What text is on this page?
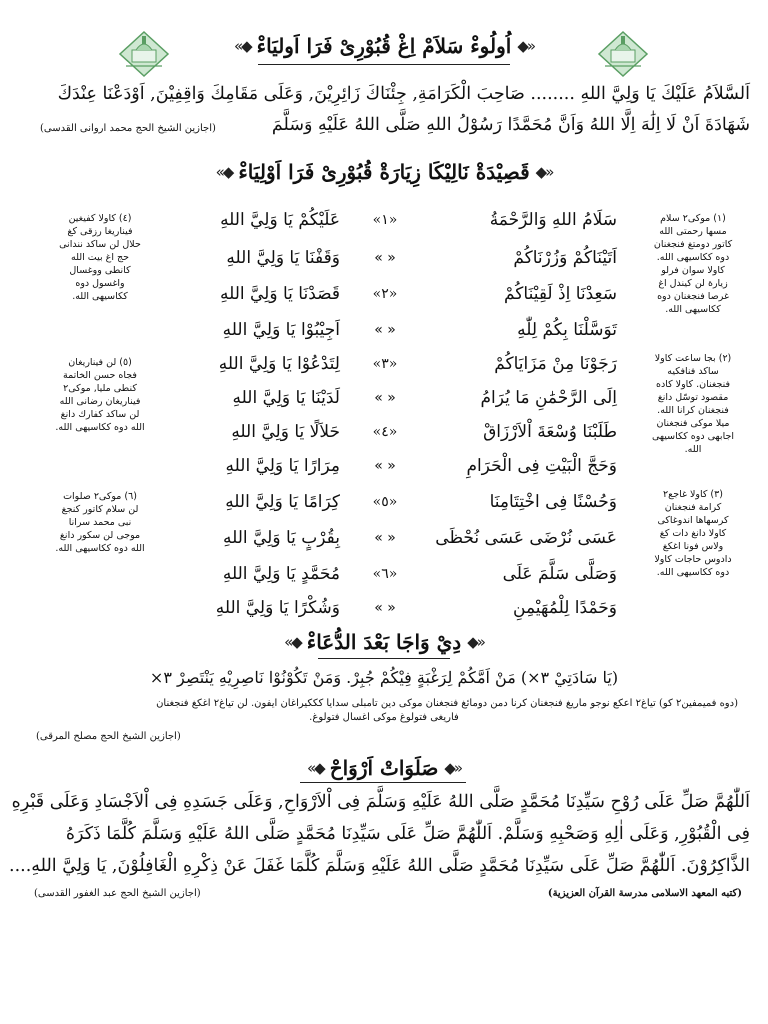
«◆ اُولُوءْ سَلاَمْ اِغْ قُبُوْرِىْ فَرَا اَوليَاءْ ◆»
اَلسَّلاَمُ عَلَيْكَ يَا وَلِيَّ اللهِ ........ صَاحِبَ الْكَرَامَةِ, جِئْنَاكَ زَائِرِيْنَ, وَعَلَى مَقَامِكَ وَاقِفِيْنَ, اَوْدَعْنَا عِنْدَكَ
شَهَادَةَ اَنْ لَا اِلَٰهَ اِلَّا اللهُ وَاَنَّ مُحَمَّدًا رَسُوْلُ اللهِ صَلَّى اللهُ عَلَيْهِ وَسَلَّمَ
(اجازين الشيخ الحج محمد اروانى القدسى)
«◆ قَصِيْدَةْ نَالِيْكَا زِيَارَةْ قُبُوْرِىْ فَرَا اَوْلِيَاءْ ◆»
سَلَامُ اللهِ وَالرَّحْمَةُ
«١»
عَلَيْكُمْ يَا وَلِيَّ اللهِ
اَتَيْنَاكُمْ وَزُرْنَاكُمْ
« »
وَقَفْنَا يَا وَلِيَّ اللهِ
سَعِدْنَا اِذْ لَقِيْنَاكُمْ
«٢»
قَصَدْنَا يَا وَلِيَّ اللهِ
تَوَسَّلْنَا بِكُمْ لِلّٰهِ
« »
اَجِيْبُوْا يَا وَلِيَّ اللهِ
رَجَوْنَا مِنْ مَزَايَاكُمْ
«٣»
لِتَدْعُوْا يَا وَلِيَّ اللهِ
اِلَى الرَّحْمَٰنِ مَا يُرَامُ
« »
لَدَيْنَا يَا وَلِيَّ اللهِ
طَلَبْنَا وُسْعَةَ اْلاَرْزَاقْ
«٤»
حَلاَلًا يَا وَلِيَّ اللهِ
وَحَجَّ الْبَيْتِ فِى الْحَرَامِ
« »
مِرَارًا يَا وَلِيَّ اللهِ
وَحُسْنًا فِى اخْتِتَامِنَا
«٥»
كِرَامًا يَا وَلِيَّ اللهِ
عَسَى نُرْضَى عَسَى نُحْظَى
« »
بِقُرْبٍ يَا وَلِيَّ اللهِ
وَصَلَّى سَلَّمَ عَلَى
«٦»
مُحَمَّدٍ يَا وَلِيَّ اللهِ
وَحَمْدًا لِلْمُهَيْمِنِ
« »
وَشُكْرًا يَا وَلِيَّ اللهِ
(١) موكى٢ سلام
مسها رحمتى الله
كاتور دومتغ فنجغنان
دوه ككاسيهى الله.
كاولا سوان فرلو
زيارة لن كيندل اغ
غرصا فنجغنان دوه
ككاسيهى الله.
(٢) بجا ساعت كاولا
ساكد فنافكيه
فنجغنان. كاولا كاده
مقصود توسّل دانغ
فنجغنان كرانا الله.
ميلا موكى فنجغنان
اجابهى دوه ككاسيهى
الله.
(٣) كاولا غاجع٢
كرامة فنجغنان
كرسهاها اندوغاكى
كاولا دانغ دات كغ
ولاس فونا اغكغ
دادوس حاجات كاولا
دوه ككاسيهى الله.
(٤) كاولا كفيغين
فيناريغا رزقى كغ
حلال لن ساكد نندانى
حج اغ بيت الله
كانطى ووغسال
واغسول دوه
ككاسيهى الله.
(٥) لن فيناريغان
فجاه حسن الخاتمة
كنطى مليا, موكى٢
فيناريغان رضانى الله
لن ساكد كفارك دانغ
الله دوه ككاسيهى الله.
(٦) موكى٢ صلوات
لن سلام كاتور كنجغ
نبى محمد سرانا
موجى لن سكور دانغ
الله دوه ككاسيهى الله.
«◆ دِيْ وَاجَا بَعْدَ الدُّعَاءْ ◆»
(يَا سَادَتِيْ ٣×) مَنْ اَمَّكُمْ لِرَغْبَةٍ فِيْكُمْ جُبِرْ. وَمَنْ تَكُوْنُوْا نَاصِرِيْهِ يَنْتَصِرْ ٣×
(دوه فميمفين٢ كو) تياغ٢ اعكع نوجو ماريغ فنجغنان كرنا دمن دومائغ فنجغنان موكى دين تامبلى سدايا كككيراغان ايفون. لن تياغ٢ اغكغ فنجغنان
فاريغى فتولوغ موكى اغسال فتولوغ.
(اجازين الشيخ الحج مصلح المرقى)
«◆ صَلَوَاتْ اَرْوَاحْ ◆»
اَللّٰهُمَّ صَلِّ عَلَى رُوْحِ سَيِّدِنَا مُحَمَّدٍ صَلَّى اللهُ عَلَيْهِ وَسَلَّمَ فِى اْلاَرْوَاحِ, وَعَلَى جَسَدِهِ فِى اْلاَجْسَادِ وَعَلَى قَبْرِهِ
فِى الْقُبُوْرِ, وَعَلَى اٰلِهِ وَصَحْبِهِ وَسَلَّمْ. اَللّٰهُمَّ صَلِّ عَلَى سَيِّدِنَا مُحَمَّدٍ صَلَّى اللهُ عَلَيْهِ وَسَلَّمَ كُلَّمَا ذَكَرَهُ
الذَّاكِرُوْنَ. اَللّٰهُمَّ صَلِّ عَلَى سَيِّدِنَا مُحَمَّدٍ صَلَّى اللهُ عَلَيْهِ وَسَلَّمَ كُلَّمَا غَفَلَ عَنْ ذِكْرِهِ الْغَافِلُوْنَ, يَا وَلِيَّ اللهِ....
(كتبه المعهد الاسلامى مدرسة القرآن العزيزية)
(اجازين الشيخ الحج عبد الغفور القدسى)
